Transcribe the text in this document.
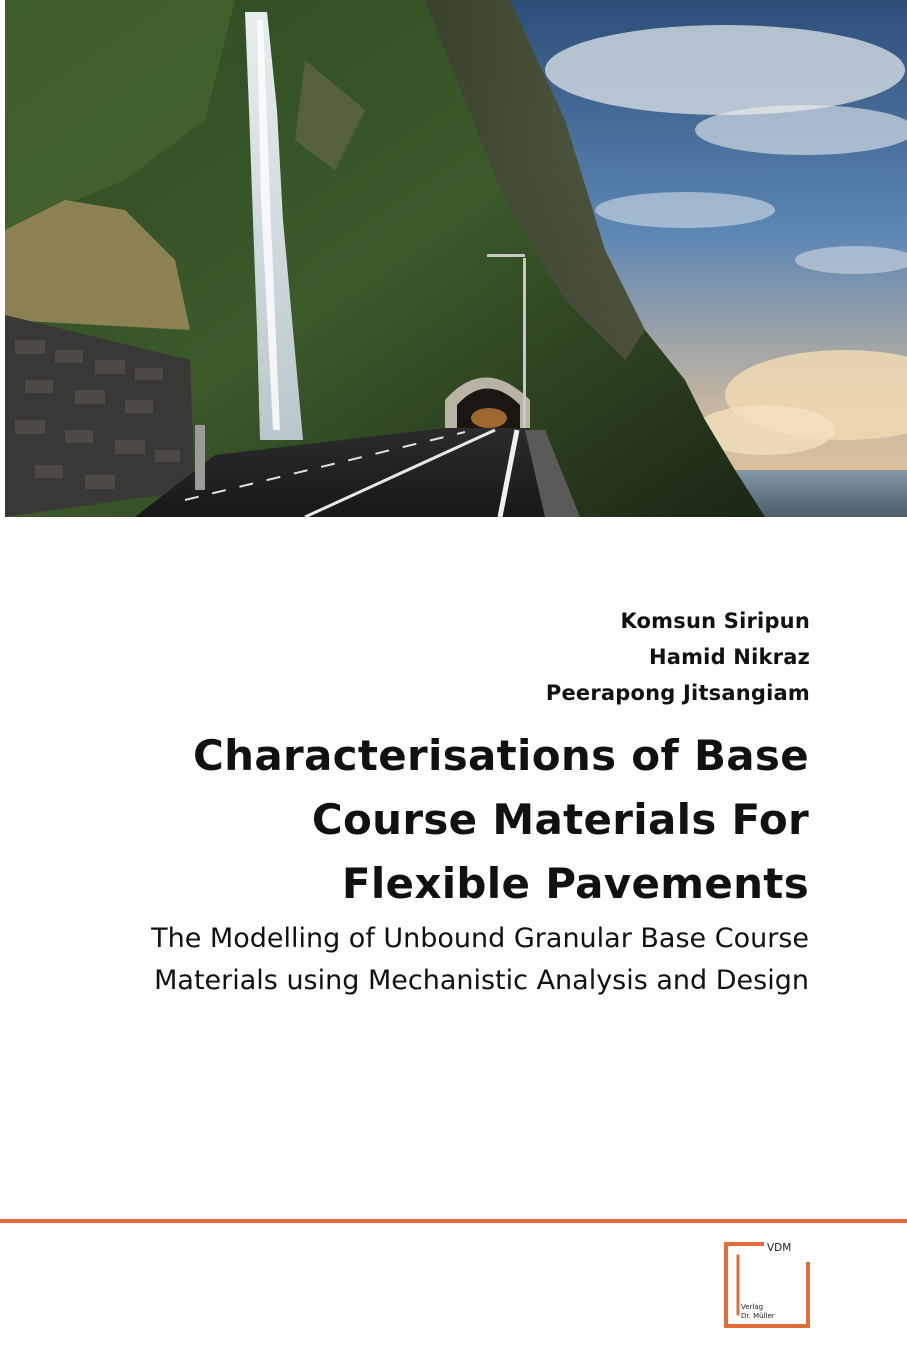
Komsun Siripun
Hamid Nikraz
Peerapong Jitsangiam
Characterisations of Base
Course Materials For
Flexible Pavements
The Modelling of Unbound Granular Base Course
Materials using Mechanistic Analysis and Design
VDM
Verlag
Dr. Müller
